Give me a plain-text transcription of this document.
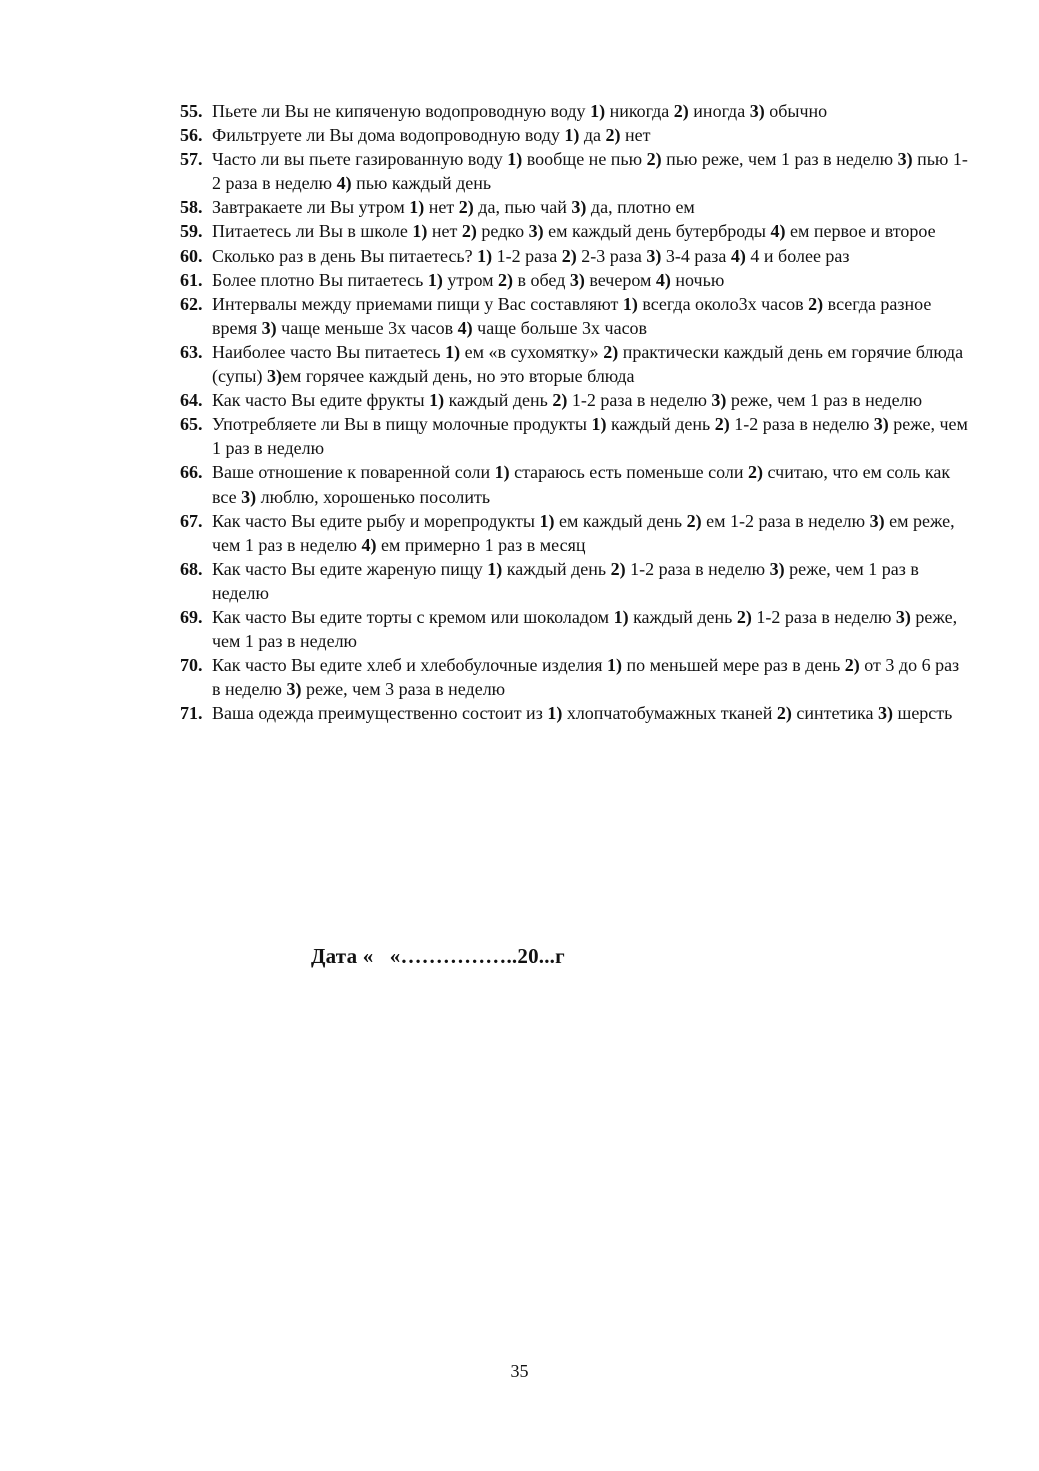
55. Пьете ли Вы не кипяченую водопроводную воду 1) никогда 2) иногда 3) обычно
56. Фильтруете ли Вы дома водопроводную воду 1) да 2) нет
57. Часто ли вы пьете газированную воду 1) вообще не пью 2) пью реже, чем 1 раз в неделю 3) пью 1-2 раза в неделю 4) пью каждый день
58. Завтракаете ли Вы утром 1) нет 2) да, пью чай 3) да, плотно ем
59. Питаетесь ли Вы в школе 1) нет 2) редко 3) ем каждый день бутерброды 4) ем первое и второе
60. Сколько раз в день Вы питаетесь? 1) 1-2 раза 2) 2-3 раза 3) 3-4 раза 4) 4 и более раз
61. Более плотно Вы питаетесь 1) утром 2) в обед 3) вечером 4) ночью
62. Интервалы между приемами пищи у Вас составляют 1) всегда около3х часов 2) всегда разное время 3) чаще меньше 3х часов 4) чаще больше 3х часов
63. Наиболее часто Вы питаетесь 1) ем «в сухомятку» 2) практически каждый день ем горячие блюда (супы) 3)ем горячее каждый день, но это вторые блюда
64. Как часто Вы едите фрукты 1) каждый день 2) 1-2 раза в неделю 3) реже, чем 1 раз в неделю
65. Употребляете ли Вы в пищу молочные продукты 1) каждый день 2) 1-2 раза в неделю 3) реже, чем 1 раз в неделю
66. Ваше отношение к поваренной соли 1) стараюсь есть поменьше соли 2) считаю, что ем соль как все 3) люблю, хорошенько посолить
67. Как часто Вы едите рыбу и морепродукты 1) ем каждый день 2) ем 1-2 раза в неделю 3) ем реже, чем 1 раз в неделю 4) ем примерно 1 раз в месяц
68. Как часто Вы едите жареную пищу 1) каждый день 2) 1-2 раза в неделю 3) реже, чем 1 раз в неделю
69. Как часто Вы едите торты с кремом или шоколадом 1) каждый день 2) 1-2 раза в неделю 3) реже, чем 1 раз в неделю
70. Как часто Вы едите хлеб и хлебобулочные изделия 1) по меньшей мере раз в день 2) от 3 до 6 раз в неделю 3) реже, чем 3 раза в неделю
71. Ваша одежда преимущественно состоит из 1) хлопчатобумажных тканей 2) синтетика 3) шерсть
Дата «   «……………..20...г
35
